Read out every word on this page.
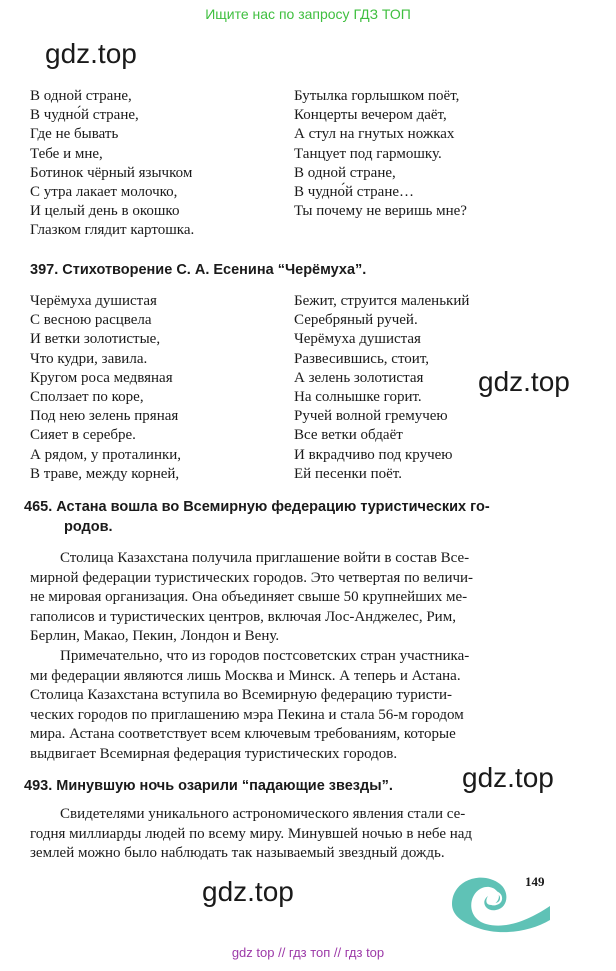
Ищите нас по запросу ГДЗ ТОП
gdz.top
В одной стране,
В чудно́й стране,
Где не бывать
Тебе и мне,
Ботинок чёрный язычком
С утра лакает молочко,
И целый день в окошко
Глазком глядит картошка.
Бутылка горлышком поёт,
Концерты вечером даёт,
А стул на гнутых ножках
Танцует под гармошку.
В одной стране,
В чудно́й стране…
Ты почему не веришь мне?
397. Стихотворение С. А. Есенина “Черёмуха”.
Черёмуха душистая
С весною расцвела
И ветки золотистые,
Что кудри, завила.
Кругом роса медвяная
Сползает по коре,
Под нею зелень пряная
Сияет в серебре.
А рядом, у проталинки,
В траве, между корней,
Бежит, струится маленький
Серебряный ручей.
Черёмуха душистая
Развесившись, стоит,
А зелень золотистая
На солнышке горит.
Ручей волной гремучею
Все ветки обдаёт
И вкрадчиво под кручею
Ей песенки поёт.
gdz.top
465. Астана вошла во Всемирную федерацию туристических го-
родов.
Столица Казахстана получила приглашение войти в состав Все-
мирной федерации туристических городов. Это четвертая по величи-
не мировая организация. Она объединяет свыше 50 крупнейших ме-
гаполисов и туристических центров, включая Лос-Анджелес, Рим,
Берлин, Макао, Пекин, Лондон и Вену.
Примечательно, что из городов постсоветских стран участника-
ми федерации являются лишь Москва и Минск. А теперь и Астана.
Столица Казахстана вступила во Всемирную федерацию туристи-
ческих городов по приглашению мэра Пекина и стала 56-м городом
мира. Астана соответствует всем ключевым требованиям, которые
выдвигает Всемирная федерация туристических городов.
493. Минувшую ночь озарили “падающие звезды”. gdz.top
Свидетелями уникального астрономического явления стали се-
годня миллиарды людей по всему миру. Минувшей ночью в небе над
землей можно было наблюдать так называемый звездный дождь.
gdz.top	149
gdz top // гдз топ // гдз top
